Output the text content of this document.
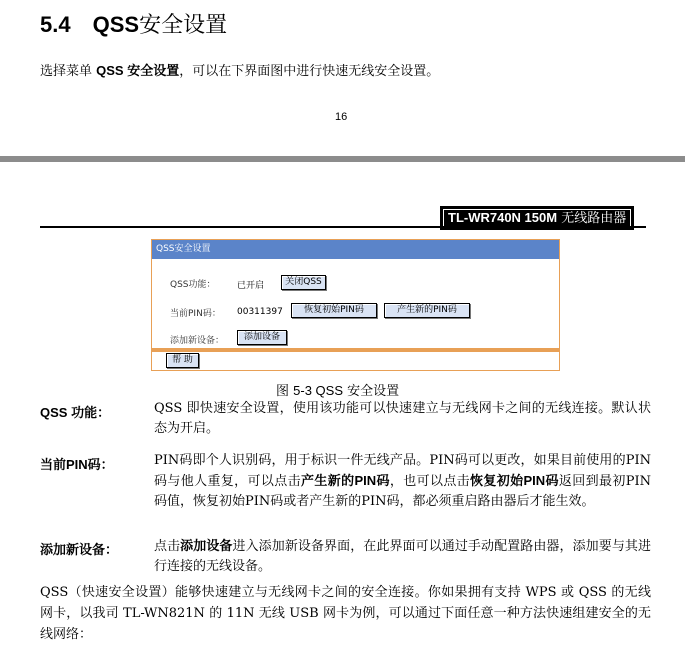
5.4 QSS安全设置
选择菜单 QSS 安全设置，可以在下界面图中进行快速无线安全设置。
16
TL-WR740N 150M 无线路由器
QSS安全设置
QSS功能： 已开启	关闭QSS
当前PIN码： 00311397	恢复初始PIN码	产生新的PIN码
添加新设备：	添加设备
帮 助
图 5-3 QSS 安全设置
QSS 功能：	QSS 即快速安全设置，使用该功能可以快速建立与无线网卡之间的无线连接。默认状态为开启。
当前PIN码：	PIN码即个人识别码，用于标识一件无线产品。PIN码可以更改，如果目前使用的PIN码与他人重复，可以点击产生新的PIN码，也可以点击恢复初始PIN码返回到最初PIN码值，恢复初始PIN码或者产生新的PIN码，都必须重启路由器后才能生效。
添加新设备：	点击添加设备进入添加新设备界面，在此界面可以通过手动配置路由器，添加要与其进行连接的无线设备。
QSS（快速安全设置）能够快速建立与无线网卡之间的安全连接。你如果拥有支持 WPS 或 QSS 的无线网卡，以我司 TL-WN821N 的 11N 无线 USB 网卡为例，可以通过下面任意一种方法快速组建安全的无线网络：
